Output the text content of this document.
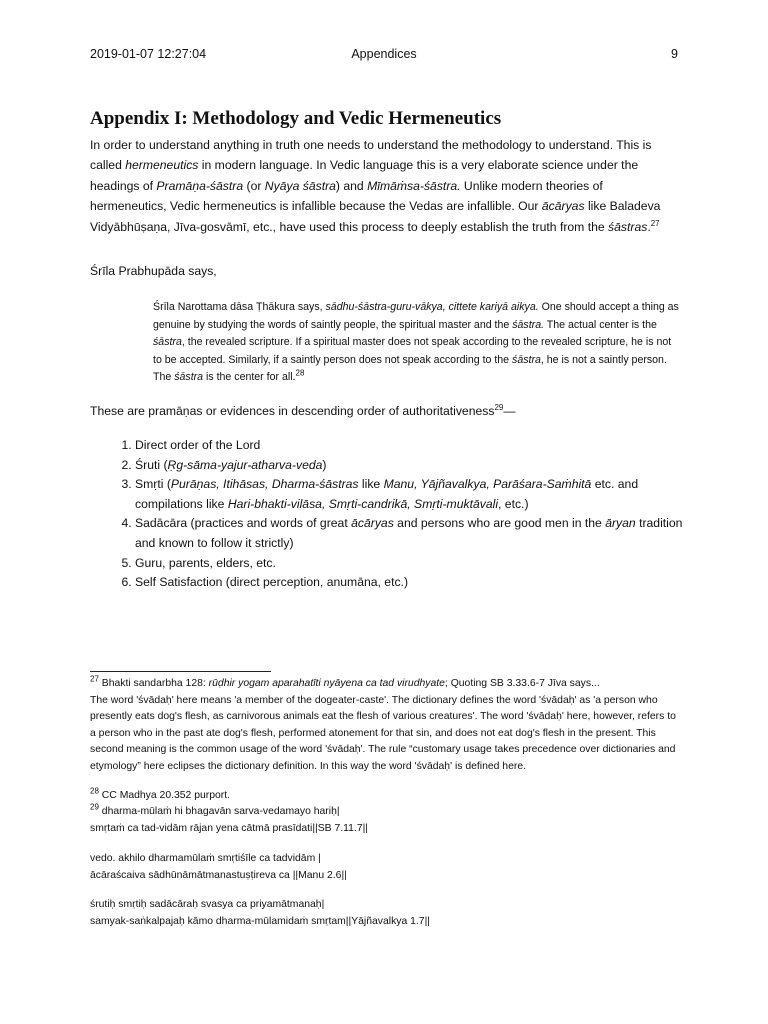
2019-01-07 12:27:04	Appendices	9
Appendix I: Methodology and Vedic Hermeneutics

In order to understand anything in truth one needs to understand the methodology to understand. This is called hermeneutics in modern language. In Vedic language this is a very elaborate science under the headings of Pramāṇa-śāstra (or Nyāya śāstra) and Mīmāṁsa-śāstra. Unlike modern theories of hermeneutics, Vedic hermeneutics is infallible because the Vedas are infallible. Our ācāryas like Baladeva Vidyābhūṣaṇa, Jīva-gosvāmī, etc., have used this process to deeply establish the truth from the śāstras.$^{27}$

Śrīla Prabhupāda says,

Śrīla Narottama dāsa Ṭhākura says, sādhu-śāstra-guru-vākya, cittete kariyā aikya. One should accept a thing as genuine by studying the words of saintly people, the spiritual master and the śāstra. The actual center is the śāstra, the revealed scripture. If a spiritual master does not speak according to the revealed scripture, he is not to be accepted. Similarly, if a saintly person does not speak according to the śāstra, he is not a saintly person. The śāstra is the center for all.$^{28}$

These are pramāṇas or evidences in descending order of authoritativeness$^{29}$—

1. Direct order of the Lord
2. Śruti (Ṛg-sāma-yajur-atharva-veda)
3. Smṛti (Purāṇas, Itihāsas, Dharma-śāstras like Manu, Yājñavalkya, Parāśara-Saṁhitā etc. and compilations like Hari-bhakti-vilāsa, Smṛti-candrikā, Smṛti-muktāvali, etc.)
4. Sadācāra (practices and words of great ācāryas and persons who are good men in the āryan tradition and known to follow it strictly)
5. Guru, parents, elders, etc.
6. Self Satisfaction (direct perception, anumāna, etc.)

$^{27}$ Bhakti sandarbha 128: rūḍhir yogam aparahatīti nyāyena ca tad virudhyate; Quoting SB 3.33.6-7 Jīva says...
The word 'śvādaḥ' here means 'a member of the dogeater-caste'. The dictionary defines the word 'śvādaḥ' as 'a person who presently eats dog's flesh, as carnivorous animals eat the flesh of various creatures'. The word 'śvādaḥ' here, however, refers to a person who in the past ate dog's flesh, performed atonement for that sin, and does not eat dog's flesh in the present. This second meaning is the common usage of the word 'śvādaḥ'. The rule “customary usage takes precedence over dictionaries and etymology” here eclipses the dictionary definition. In this way the word 'śvādaḥ' is defined here.

$^{28}$ CC Madhya 20.352 purport.

$^{29}$ dharma-mūlaṁ hi bhagavān sarva-vedamayo hariḥ|

smṛtaṁ ca tad-vidām rājan yena cātmā prasīdati||SB 7.11.7||

vedo. akhilo dharmamūlaṁ smṛtiśīle ca tadvidām |
ācāraścaiva sādhūnāmātmanastuṣṭireva ca ||Manu 2.6||

śrutiḥ smṛtiḥ sadācāraḥ svasya ca priyamātmanaḥ|
samyak-saṅkalpajaḥ kāmo dharma-mūlamidaṁ smṛtam||Yājñavalkya 1.7||
